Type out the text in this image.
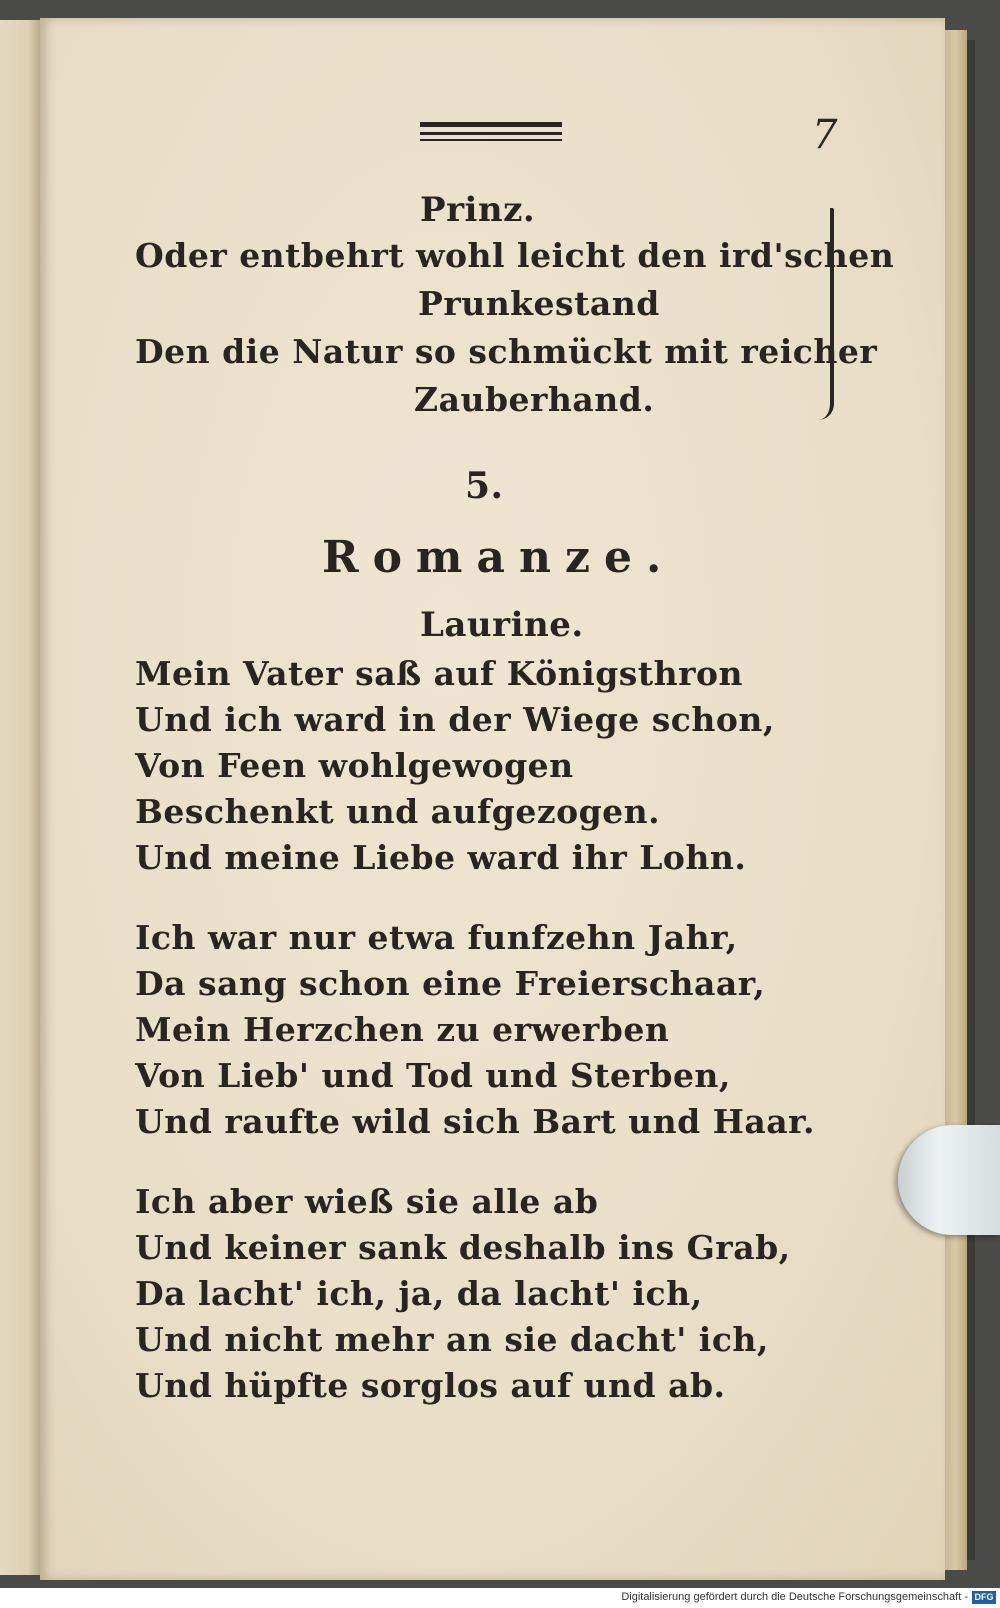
7
Prinz.
Oder entbehrt wohl leicht den ird'schen
Prunkestand
Den die Natur so schmückt mit reicher
Zauberhand.
5.
Romanze.
Laurine.
Mein Vater saß auf Königsthron
Und ich ward in der Wiege schon,
Von Feen wohlgewogen
Beschenkt und aufgezogen.
Und meine Liebe ward ihr Lohn.
Ich war nur etwa funfzehn Jahr,
Da sang schon eine Freierschaar,
Mein Herzchen zu erwerben
Von Lieb' und Tod und Sterben,
Und raufte wild sich Bart und Haar.
Ich aber wieß sie alle ab
Und keiner sank deshalb ins Grab,
Da lacht' ich, ja, da lacht' ich,
Und nicht mehr an sie dacht' ich,
Und hüpfte sorglos auf und ab.
Digitalisierung gefördert durch die Deutsche Forschungsgemeinschaft - DFG
